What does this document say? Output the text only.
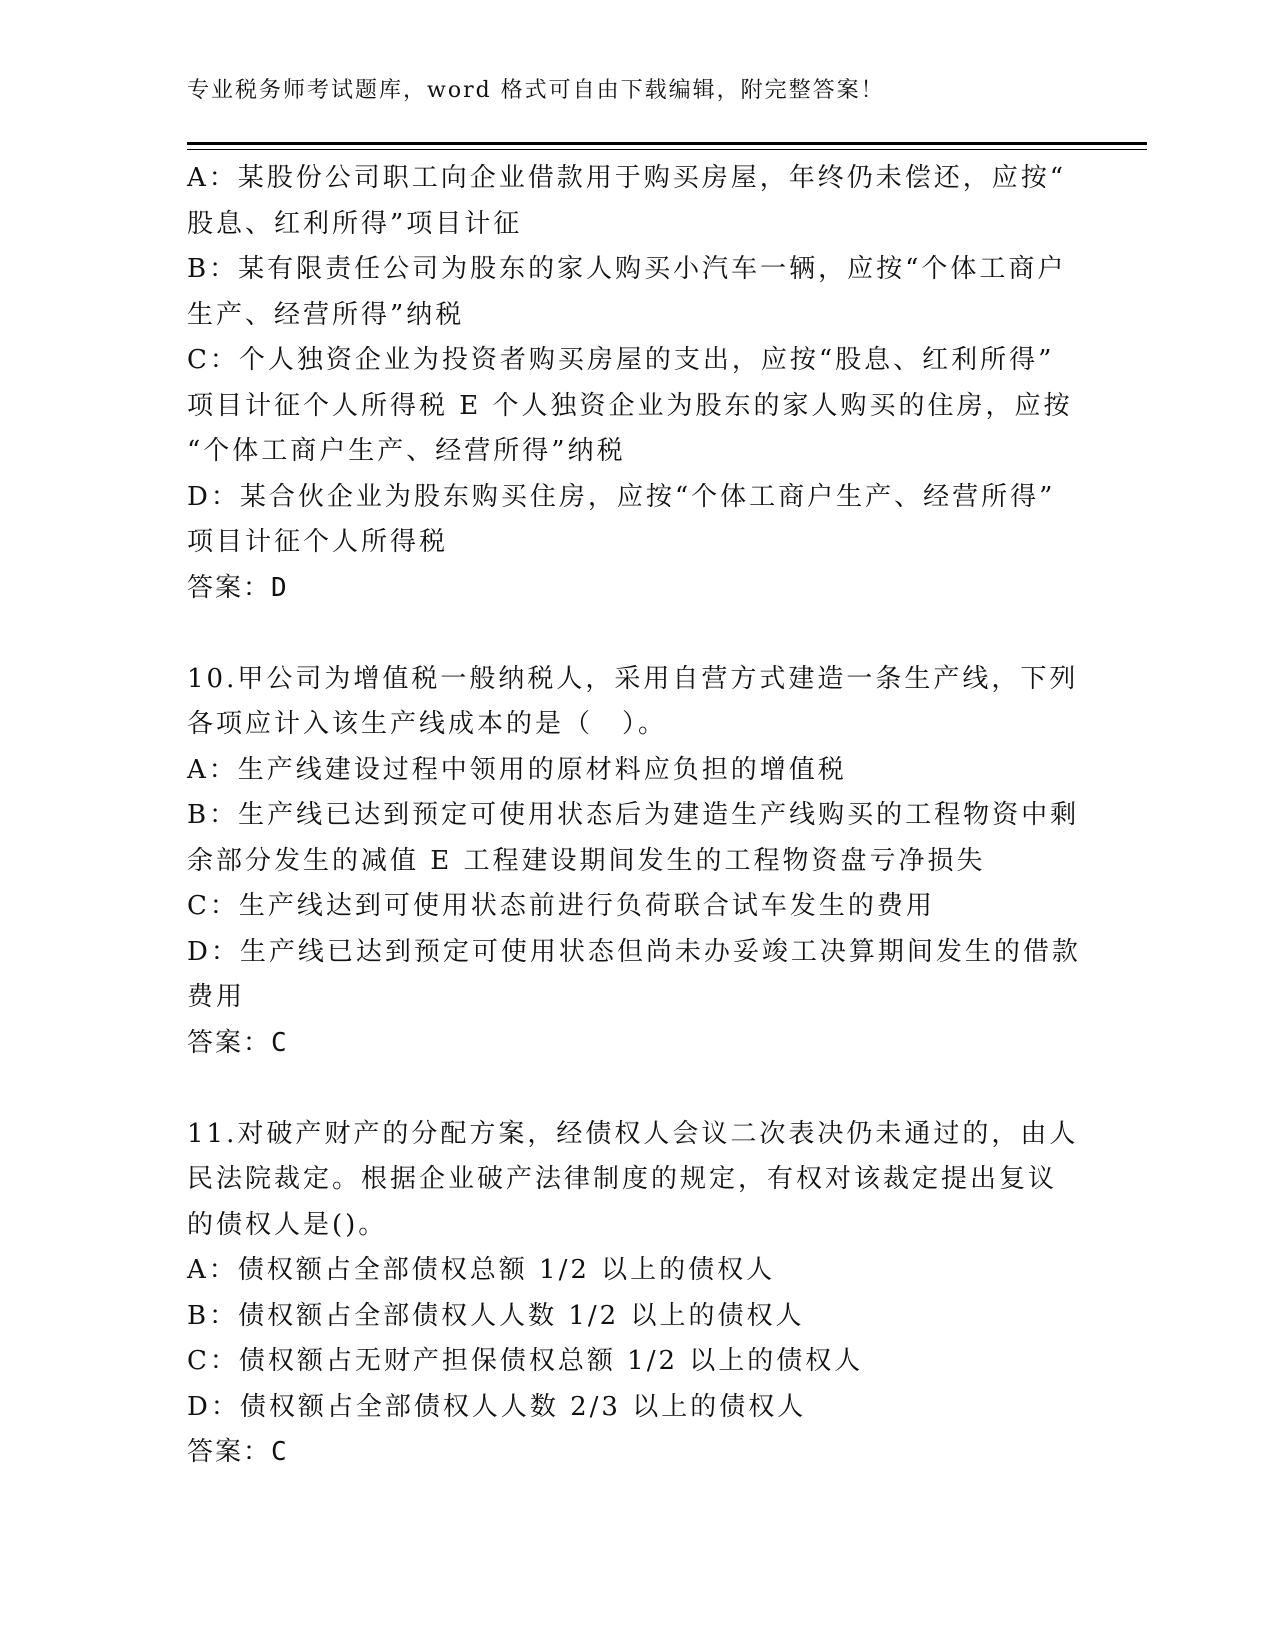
专业税务师考试题库，word 格式可自由下载编辑，附完整答案！

A：某股份公司职工向企业借款用于购买房屋，年终仍未偿还，应按“

股息、红利所得”项目计征

B：某有限责任公司为股东的家人购买小汽车一辆，应按“个体工商户

生产、经营所得”纳税

C：个人独资企业为投资者购买房屋的支出，应按“股息、红利所得”

项目计征个人所得税 E 个人独资企业为股东的家人购买的住房，应按

“个体工商户生产、经营所得”纳税

D：某合伙企业为股东购买住房，应按“个体工商户生产、经营所得”

项目计征个人所得税

答案：D

10.甲公司为增值税一般纳税人，采用自营方式建造一条生产线，下列

各项应计入该生产线成本的是（　）。

A：生产线建设过程中领用的原材料应负担的增值税

B：生产线已达到预定可使用状态后为建造生产线购买的工程物资中剩

余部分发生的减值 E 工程建设期间发生的工程物资盘亏净损失

C：生产线达到可使用状态前进行负荷联合试车发生的费用

D：生产线已达到预定可使用状态但尚未办妥竣工决算期间发生的借款

费用

答案：C

11.对破产财产的分配方案，经债权人会议二次表决仍未通过的，由人

民法院裁定。根据企业破产法律制度的规定，有权对该裁定提出复议

的债权人是()。

A：债权额占全部债权总额 1/2 以上的债权人

B：债权额占全部债权人人数 1/2 以上的债权人

C：债权额占无财产担保债权总额 1/2 以上的债权人

D：债权额占全部债权人人数 2/3 以上的债权人

答案：C
